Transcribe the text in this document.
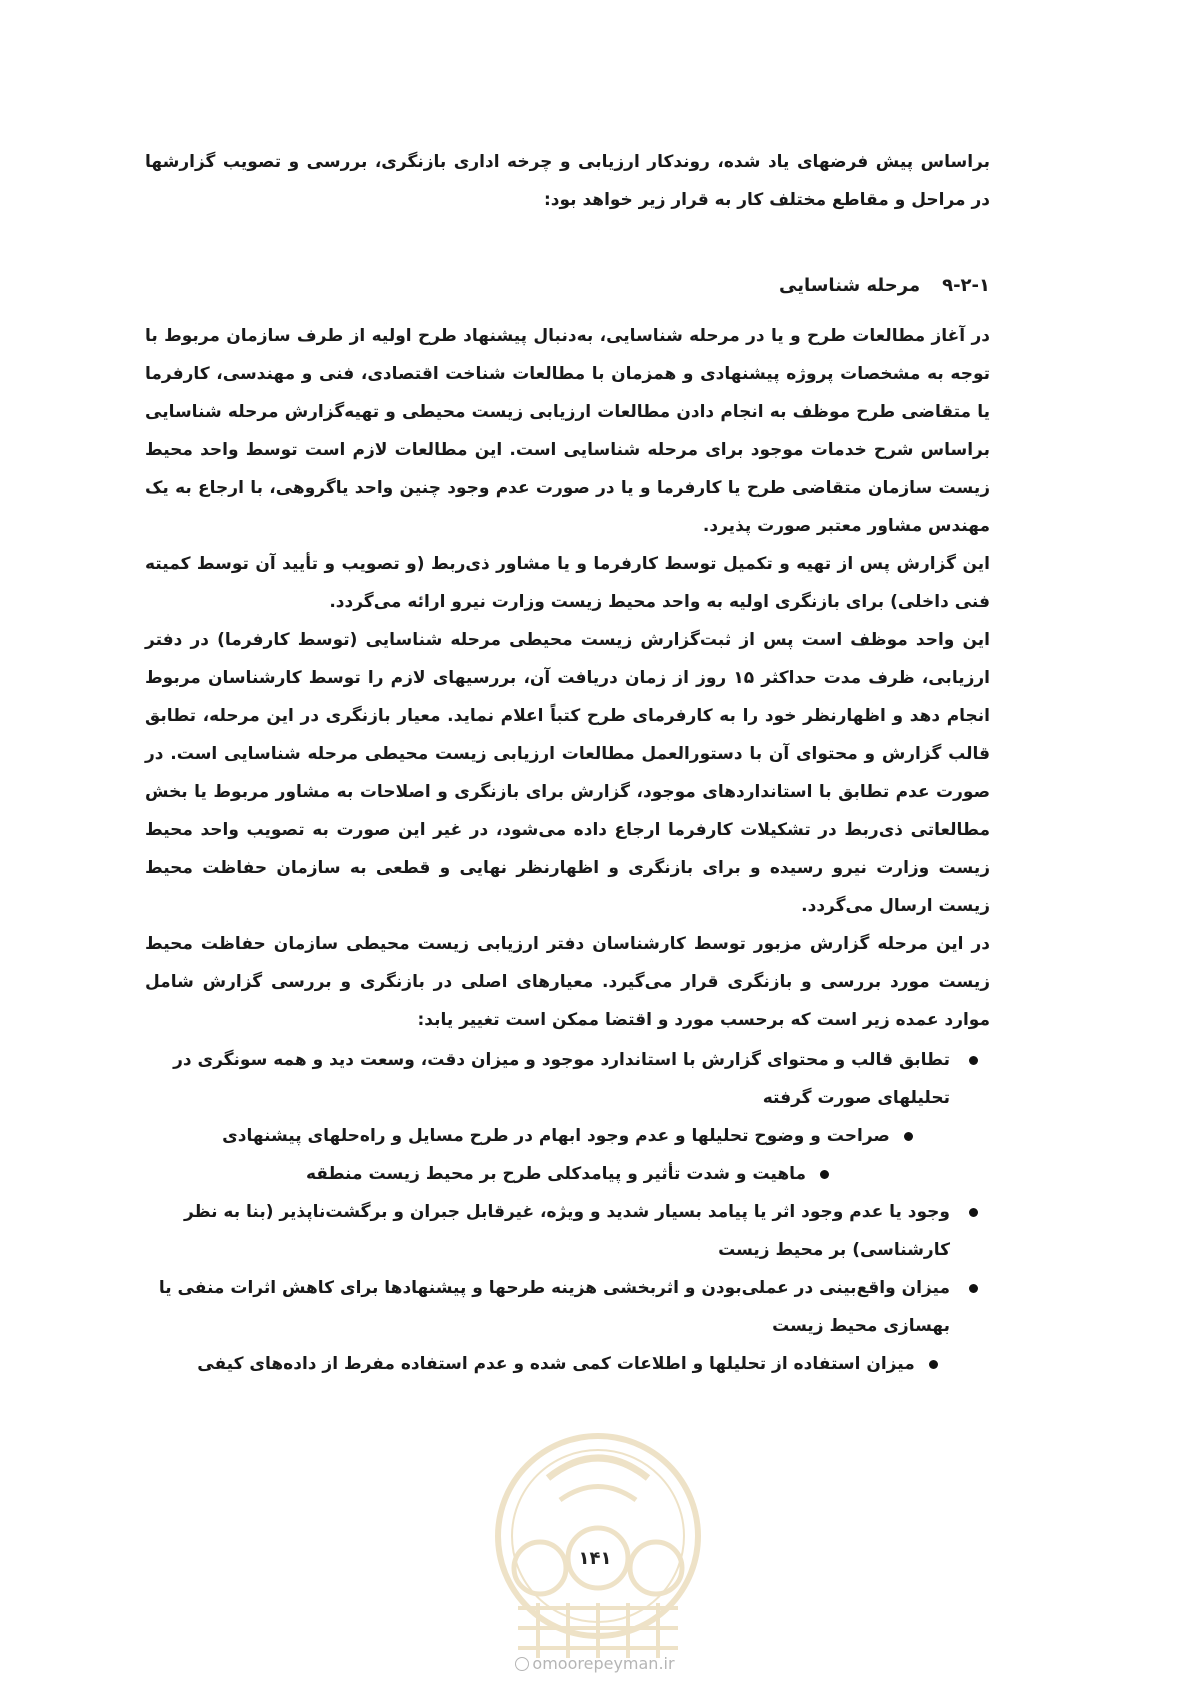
براساس پیش فرضهای یاد شده، روندکار ارزیابی و چرخه اداری بازنگری، بررسی و تصویب گزارشها در مراحل و مقاطع مختلف کار به قرار زیر خواهد بود:

۹-۲-۱مرحله شناسایی

در آغاز مطالعات طرح و یا در مرحله شناسایی، به‌دنبال پیشنهاد طرح اولیه از طرف سازمان مربوط با توجه به مشخصات پروژه پیشنهادی و همزمان با مطالعات شناخت اقتصادی، فنی و مهندسی، کارفرما یا متقاضی طرح موظف به انجام دادن مطالعات ارزیابی زیست محیطی و تهیه‌گزارش مرحله شناسایی براساس شرح خدمات موجود برای مرحله شناسایی است. این مطالعات لازم است توسط واحد محیط زیست سازمان متقاضی طرح یا کارفرما و یا در صورت عدم وجود چنین واحد یا‌گروهی، با ارجاع به یک مهندس مشاور معتبر صورت پذیرد.

این گزارش پس از تهیه و تکمیل توسط کارفرما و یا مشاور ذی‌ربط (و تصویب و تأیید آن توسط کمیته فنی داخلی) برای بازنگری اولیه به واحد محیط زیست وزارت نیرو ارائه می‌گردد.

این واحد موظف است پس از ثبت‌گزارش زیست محیطی مرحله شناسایی (توسط کارفرما) در دفتر ارزیابی، ظرف مدت حداکثر ۱۵ روز از زمان دریافت آن، بررسیهای لازم را توسط کارشناسان مربوط انجام دهد و اظهارنظر خود را به کارفرمای طرح کتباً اعلام نماید. معیار بازنگری در این مرحله، تطابق قالب گزارش و محتوای آن با دستورالعمل مطالعات ارزیابی زیست محیطی مرحله شناسایی است. در صورت عدم تطابق با استانداردهای موجود، گزارش برای بازنگری و اصلاحات به مشاور مربوط یا بخش مطالعاتی ذی‌ربط در تشکیلات کارفرما ارجاع داده می‌شود، در غیر این صورت به تصویب واحد محیط زیست وزارت نیرو رسیده و برای بازنگری و اظهارنظر نهایی و قطعی به سازمان حفاظت محیط زیست ارسال می‌گردد.

در این مرحله گزارش مزبور توسط کارشناسان دفتر ارزیابی زیست محیطی سازمان حفاظت محیط زیست مورد بررسی و بازنگری قرار می‌گیرد. معیارهای اصلی در بازنگری و بررسی گزارش شامل موارد عمده زیر است که برحسب مورد و اقتضا ممکن است تغییر یابد:

تطابق قالب و محتوای گزارش با استاندارد موجود و میزان دقت، وسعت دید و همه سونگری در تحلیلهای صورت گرفته
صراحت و وضوح تحلیلها و عدم وجود ابهام در طرح مسایل و راه‌حلهای پیشنهادی
ماهیت و شدت تأثیر و پیامدکلی طرح بر محیط زیست منطقه
وجود یا عدم وجود اثر یا پیامد بسیار شدید و ویژه، غیرقابل جبران و برگشت‌ناپذیر (بنا به نظر کارشناسی) بر محیط زیست
میزان واقع‌بینی در عملی‌بودن و اثربخشی هزینه طرحها و پیشنهادها برای کاهش اثرات منفی یا بهسازی محیط زیست
میزان استفاده از تحلیلها و اطلاعات کمی شده و عدم استفاده مفرط از داده‌های کیفی
۱۴۱
omoorepeyman.ir
